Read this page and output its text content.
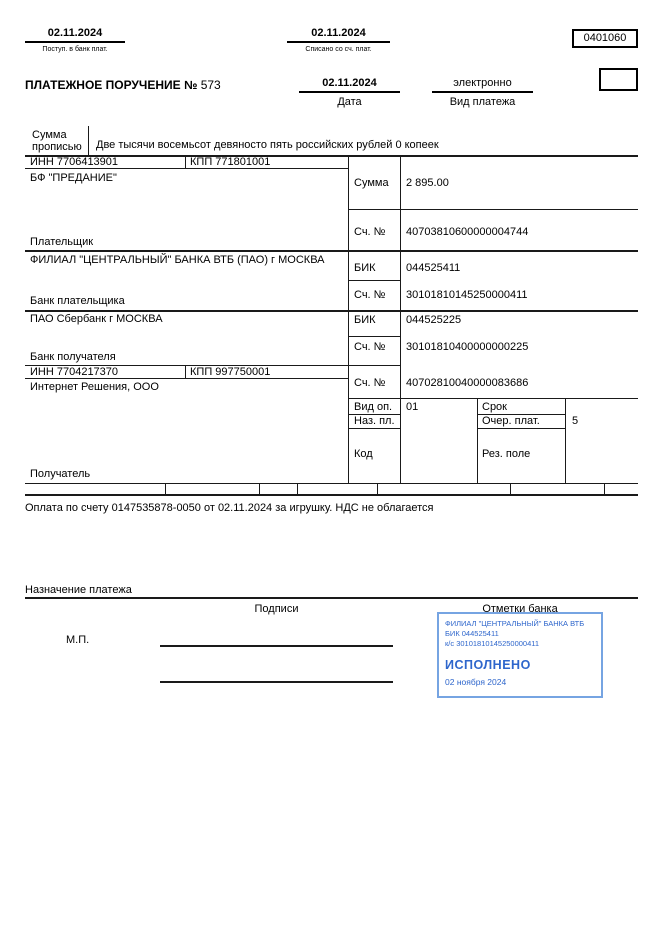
02.11.2024
Поступ. в банк плат.
02.11.2024
Списано со сч. плат.
0401060
ПЛАТЕЖНОЕ ПОРУЧЕНИЕ № 573	02.11.2024
Дата
электронно
Вид платежа
Сумма прописью	Две тысячи восемьсот девяносто пять российских рублей 0 копеек
ИНН 7706413901	КПП 771801001
БФ "ПРЕДАНИЕ"
Плательщик
ФИЛИАЛ "ЦЕНТРАЛЬНЫЙ" БАНКА ВТБ (ПАО) г МОСКВА
Банк плательщика
ПАО Сбербанк г МОСКВА
Банк получателя
ИНН 7704217370	КПП 997750001
Интернет Решения, ООО
Получатель
Сумма 2 895.00
Сч. № 40703810600000004744
БИК	044525411
Сч. № 30101810145250000411
БИК	044525225
Сч. № 30101810400000000225
Сч. № 40702810040000083686
Вид оп. 01	Срок
Наз. пл.	Очер. плат.	5
Код	Рез. поле
Оплата по счету 0147535878-0050 от 02.11.2024 за игрушку. НДС не облагается
Назначение платежа
Подписи	Отметки банка
М.П.
ФИЛИАЛ "ЦЕНТРАЛЬНЫЙ" БАНКА ВТБ
БИК 044525411
к/с 30101810145250000411
ИСПОЛНЕНО
02 ноября 2024
